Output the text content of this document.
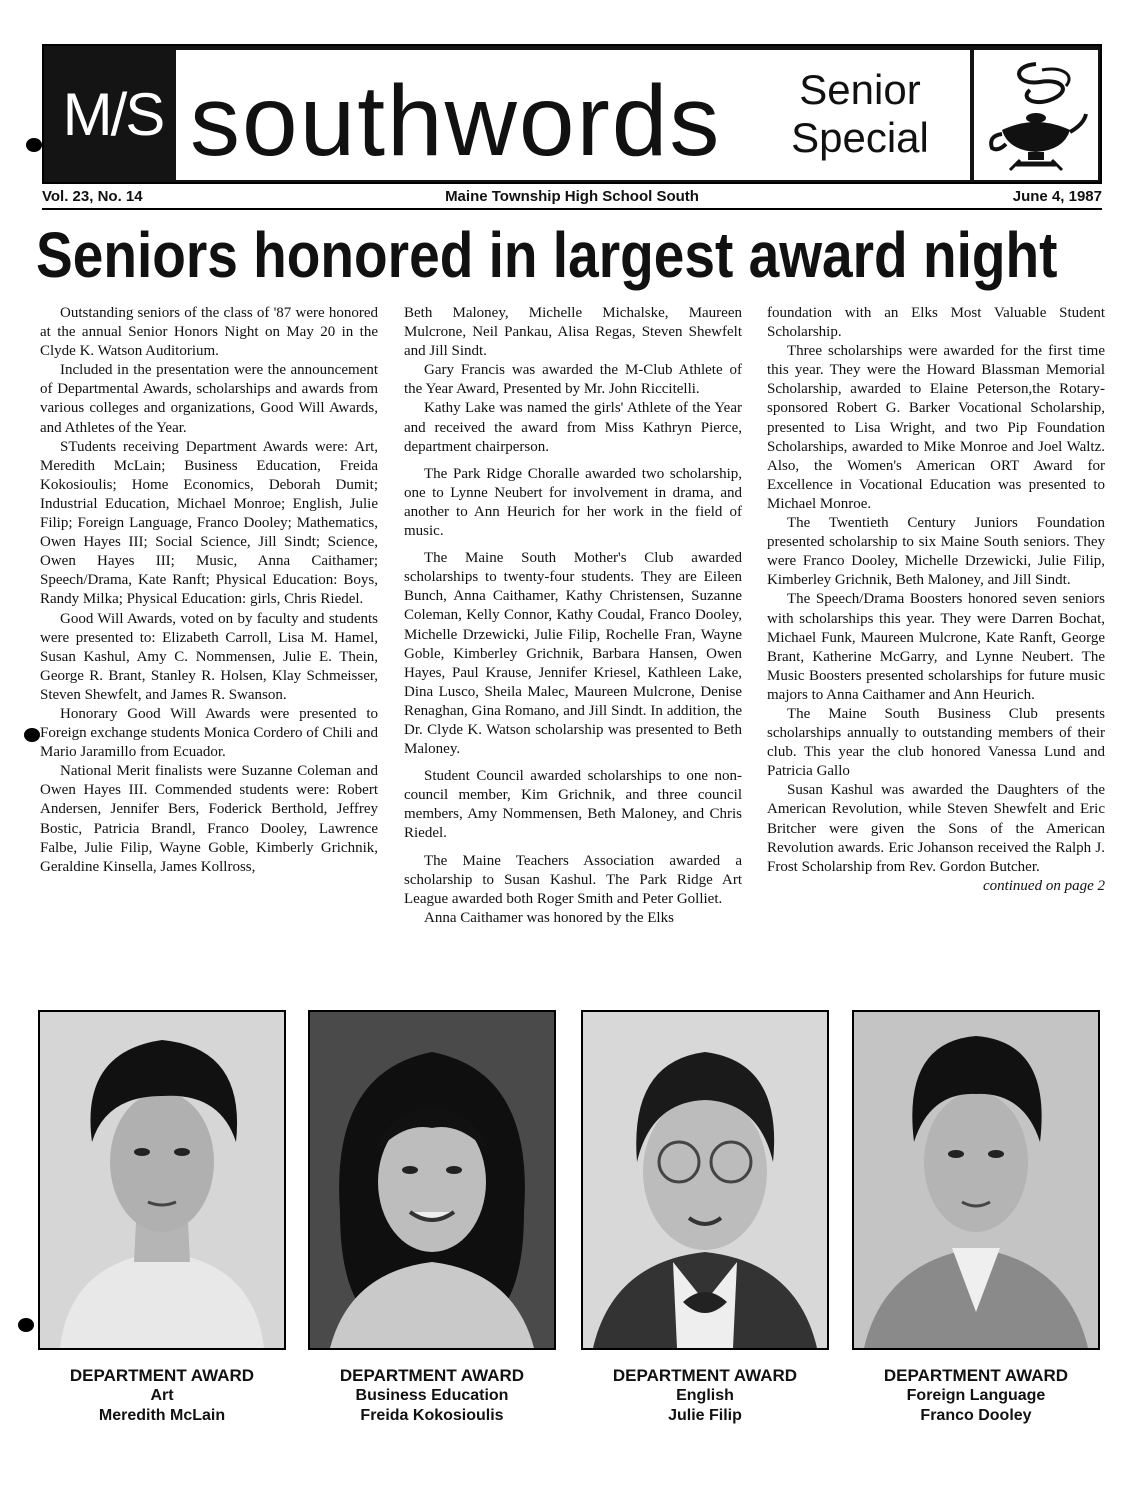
M/S southwords	Senior
Special
Maine Township High School South
Vol. 23, No. 14	June 4, 1987
Seniors honored in largest award night

Outstanding seniors of the class of '87 were honored at the annual Senior Honors Night on May 20 in the Clyde K. Watson Auditorium.

Included in the presentation were the announcement of Departmental Awards, scholarships and awards from various colleges and organizations, Good Will Awards, and Athletes of the Year.

STudents receiving Department Awards were: Art, Meredith McLain; Business Education, Freida Kokosioulis; Home Economics, Deborah Dumit; Industrial Education, Michael Monroe; English, Julie Filip; Foreign Language, Franco Dooley; Mathematics, Owen Hayes III; Social Science, Jill Sindt; Science, Owen Hayes III; Music, Anna Caithamer; Speech/Drama, Kate Ranft; Physical Education: Boys, Randy Milka; Physical Education: girls, Chris Riedel.

Good Will Awards, voted on by faculty and students were presented to: Elizabeth Carroll, Lisa M. Hamel, Susan Kashul, Amy C. Nommensen, Julie E. Thein, George R. Brant, Stanley R. Holsen, Klay Schmeisser, Steven Shewfelt, and James R. Swanson.

Honorary Good Will Awards were presented to Foreign exchange students Monica Cordero of Chili and Mario Jaramillo from Ecuador.

National Merit finalists were Suzanne Coleman and Owen Hayes III. Commended students were: Robert Andersen, Jennifer Bers, Foderick Berthold, Jeffrey Bostic, Patricia Brandl, Franco Dooley, Lawrence Falbe, Julie Filip, Wayne Goble, Kimberly Grichnik, Geraldine Kinsella, James Kollross,

Beth Maloney, Michelle Michalske, Maureen Mulcrone, Neil Pankau, Alisa Regas, Steven Shewfelt and Jill Sindt.

Gary Francis was awarded the M-Club Athlete of the Year Award, Presented by Mr. John Riccitelli.

Kathy Lake was named the girls' Athlete of the Year and received the award from Miss Kathryn Pierce, department chairperson.

The Park Ridge Choralle awarded two scholarship, one to Lynne Neubert for involvement in drama, and another to Ann Heurich for her work in the field of music.

The Maine South Mother's Club awarded scholarships to twenty-four students. They are Eileen Bunch, Anna Caithamer, Kathy Christensen, Suzanne Coleman, Kelly Connor, Kathy Coudal, Franco Dooley, Michelle Drzewicki, Julie Filip, Rochelle Fran, Wayne Goble, Kimberley Grichnik, Barbara Hansen, Owen Hayes, Paul Krause, Jennifer Kriesel, Kathleen Lake, Dina Lusco, Sheila Malec, Maureen Mulcrone, Denise Renaghan, Gina Romano, and Jill Sindt. In addition, the Dr. Clyde K. Watson scholarship was presented to Beth Maloney.

Student Council awarded scholarships to one non-council member, Kim Grichnik, and three council members, Amy Nommensen, Beth Maloney, and Chris Riedel.

The Maine Teachers Association awarded a scholarship to Susan Kashul. The Park Ridge Art League awarded both Roger Smith and Peter Golliet.

Anna Caithamer was honored by the Elks

foundation with an Elks Most Valuable Student Scholarship.

Three scholarships were awarded for the first time this year. They were the Howard Blassman Memorial Scholarship, awarded to Elaine Peterson,the Rotary-sponsored Robert G. Barker Vocational Scholarship, presented to Lisa Wright, and two Pip Foundation Scholarships, awarded to Mike Monroe and Joel Waltz. Also, the Women's American ORT Award for Excellence in Vocational Education was presented to Michael Monroe.

The Twentieth Century Juniors Foundation presented scholarship to six Maine South seniors. They were Franco Dooley, Michelle Drzewicki, Julie Filip, Kimberley Grichnik, Beth Maloney, and Jill Sindt.

The Speech/Drama Boosters honored seven seniors with scholarships this year. They were Darren Bochat, Michael Funk, Maureen Mulcrone, Kate Ranft, George Brant, Katherine McGarry, and Lynne Neubert. The Music Boosters presented scholarships for future music majors to Anna Caithamer and Ann Heurich.

The Maine South Business Club presents scholarships annually to outstanding members of their club. This year the club honored Vanessa Lund and Patricia Gallo

Susan Kashul was awarded the Daughters of the American Revolution, while Steven Shewfelt and Eric Britcher were given the Sons of the American Revolution awards. Eric Johanson received the Ralph J. Frost Scholarship from Rev. Gordon Butcher.

continued on page 2

DEPARTMENT AWARD
Art
Meredith McLain
DEPARTMENT AWARD
Business Education
Freida Kokosioulis
DEPARTMENT AWARD
English
Julie Filip
DEPARTMENT AWARD
Foreign Language
Franco Dooley
